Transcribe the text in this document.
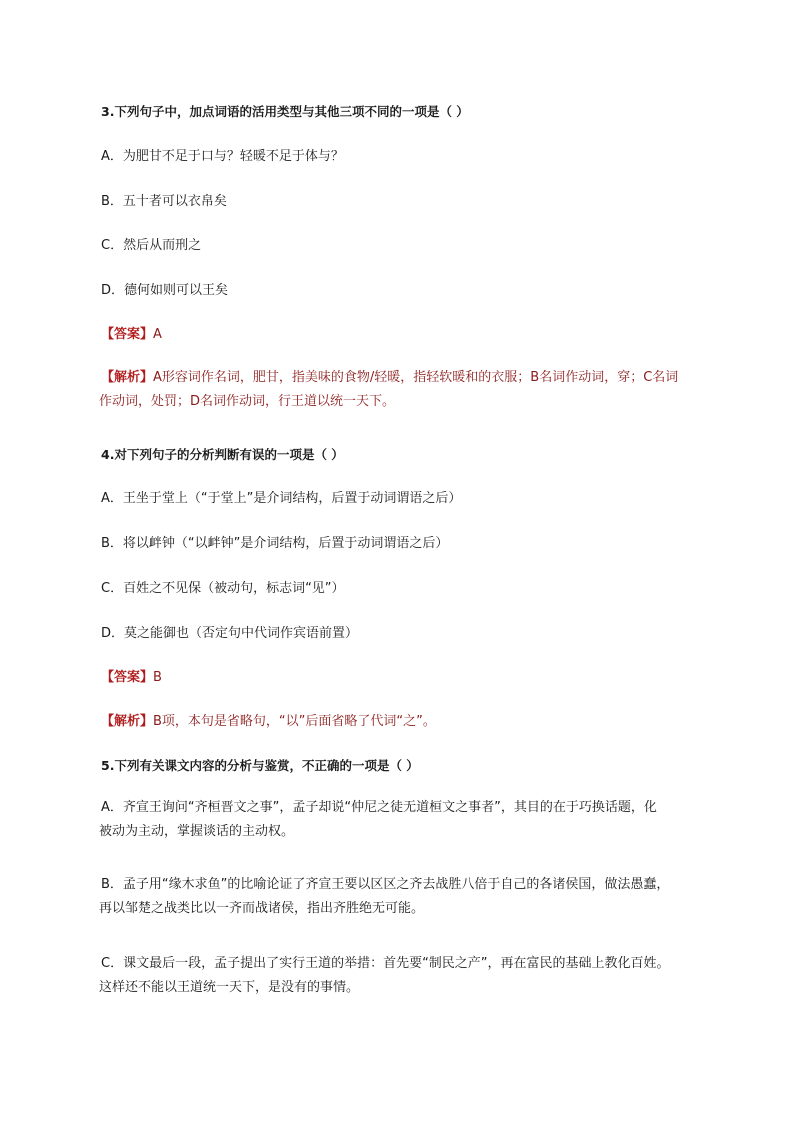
3.下列句子中，加点词语的活用类型与其他三项不同的一项是（ ）
A．为肥甘不足于口与？轻暖不足于体与？
B．五十者可以衣帛矣
C．然后从而刑之
D．德何如则可以王矣
【答案】A
【解析】A形容词作名词，肥甘，指美味的食物/轻暖，指轻软暖和的衣服；B名词作动词，穿；C名词
作动词，处罚；D名词作动词，行王道以统一天下。
4.对下列句子的分析判断有误的一项是（ ）
A．王坐于堂上（“于堂上”是介词结构，后置于动词谓语之后）
B．将以衅钟（“以衅钟”是介词结构，后置于动词谓语之后）
C．百姓之不见保（被动句，标志词“见”）
D．莫之能御也（否定句中代词作宾语前置）
【答案】B
【解析】B项，本句是省略句，“以”后面省略了代词“之”。
5.下列有关课文内容的分析与鉴赏，不正确的一项是（ ）
A．齐宣王询问“齐桓晋文之事”，孟子却说“仲尼之徒无道桓文之事者”，其目的在于巧换话题，化
被动为主动，掌握谈话的主动权。
B．孟子用“缘木求鱼”的比喻论证了齐宣王要以区区之齐去战胜八倍于自己的各诸侯国，做法愚蠢，
再以邹楚之战类比以一齐而战诸侯，指出齐胜绝无可能。
C．课文最后一段，孟子提出了实行王道的举措：首先要“制民之产”，再在富民的基础上教化百姓。
这样还不能以王道统一天下，是没有的事情。
